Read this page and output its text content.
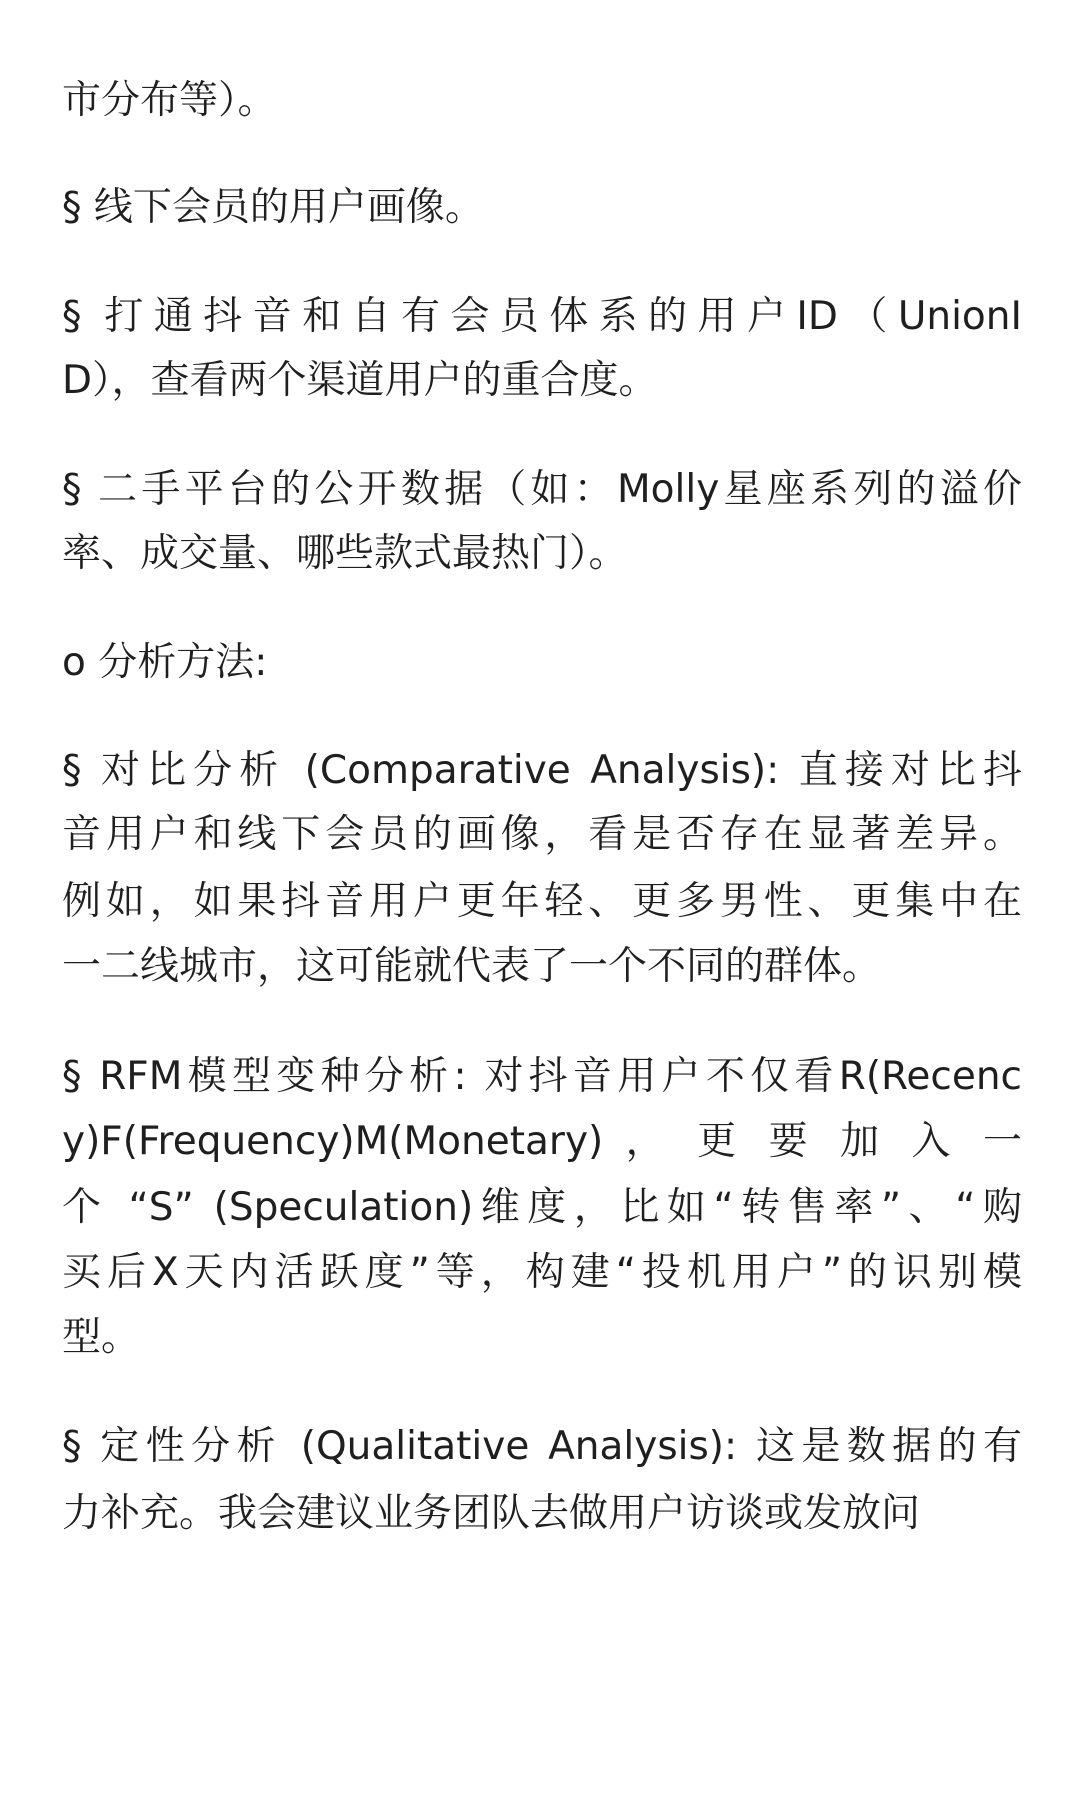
市分布等）。
§ 线下会员的用户画像。
§ 打通抖音和自有会员体系的用户ID（UnionI
D），查看两个渠道用户的重合度。
§ 二手平台的公开数据（如：Molly星座系列的溢价
率、成交量、哪些款式最热门）。
o 分析方法:
§ 对比分析 (Comparative Analysis): 直接对比抖
音用户和线下会员的画像，看是否存在显著差异。
例如，如果抖音用户更年轻、更多男性、更集中在
一二线城市，这可能就代表了一个不同的群体。
§ RFM模型变种分析: 对抖音用户不仅看R(Recenc
y)F(Frequency)M(Monetary) ， 更 要 加 入 一
个 “S” (Speculation)维度，比如“转售率”、“购
买后X天内活跃度”等，构建“投机用户”的识别模
型。
§ 定性分析 (Qualitative Analysis): 这是数据的有
力补充。我会建议业务团队去做用户访谈或发放问
